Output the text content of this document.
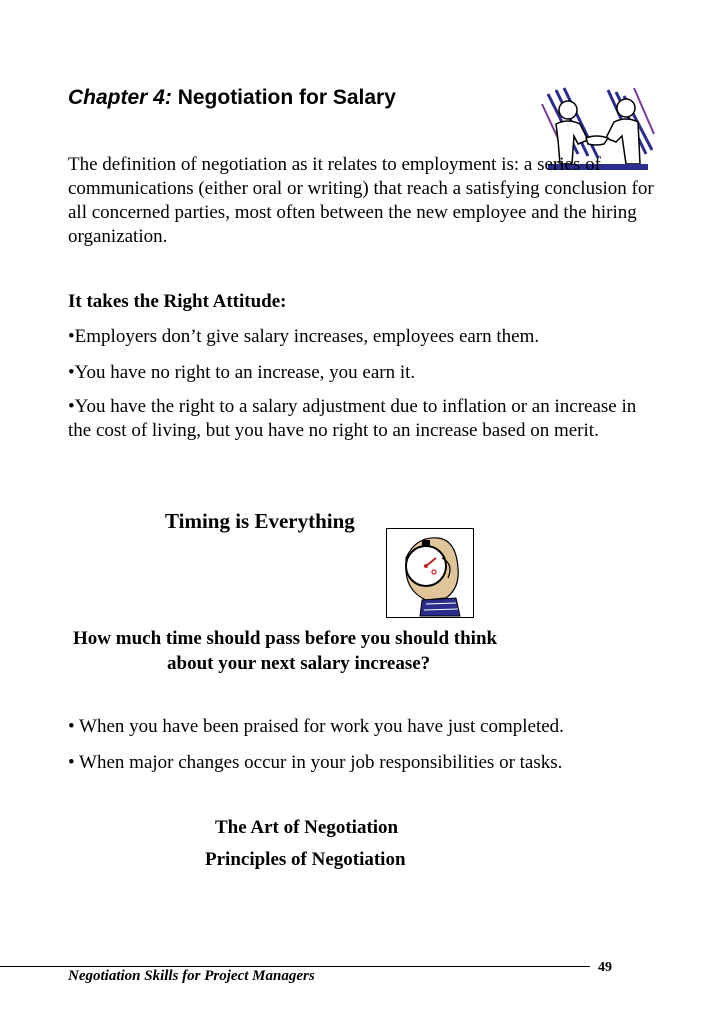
Chapter 4: Negotiation for Salary
The definition of negotiation as it relates to employment is: a series of communications (either oral or writing) that reach a satisfying conclusion for all concerned parties, most often between the new employee and the hiring organization.
It takes the Right Attitude:
•Employers don’t give salary increases, employees earn them.
•You have no right to an increase, you earn it.
•You have the right to a salary adjustment due to inflation or an increase in the cost of living, but you have no right to an increase based on merit.
Timing is Everything
How much time should pass before you should think
about your next salary increase?
• When you have been praised for work you have just completed.
• When major changes occur in your job responsibilities or tasks.
The Art of Negotiation
Principles of Negotiation
49
Negotiation Skills for Project Managers
